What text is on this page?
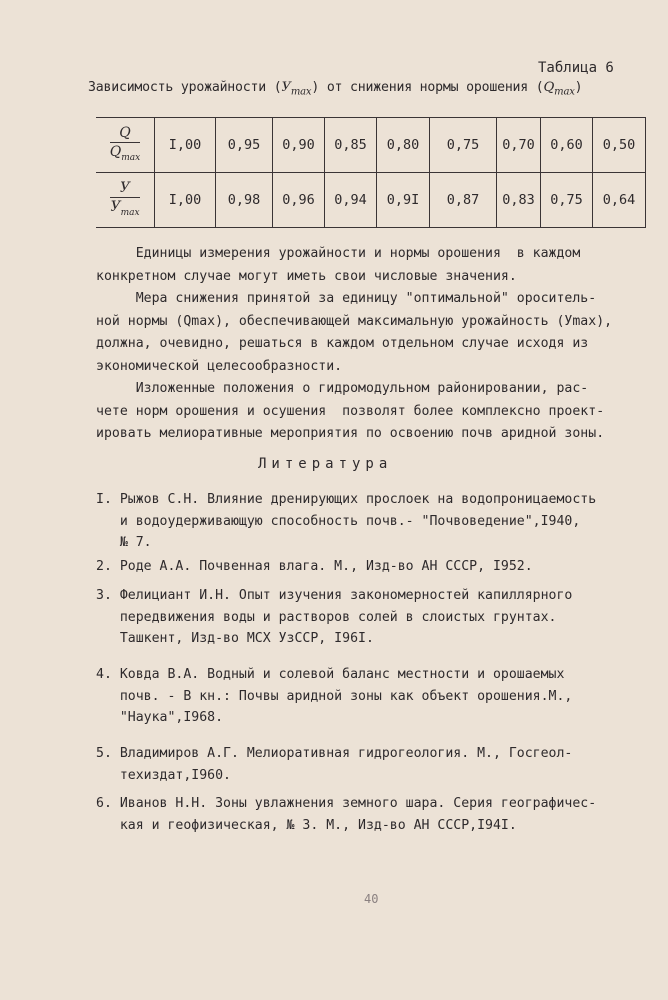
Таблица 6
Зависимость урожайности $(У_{max})$ от снижения нормы орошения $(Q_{max})$
$\frac{Q}{Q_{max}}$	I,00	0,95	0,90	0,85	0,80	0,75	0,70	0,60	0,50

$\frac{У}{У_{max}}$	I,00	0,98	0,96	0,94	0,9I	0,87	0,83	0,75	0,64
Единицы измерения урожайности и нормы орошения  в каждом
конкретном случае могут иметь свои числовые значения.
Мера снижения принятой за единицу "оптимальной" ороситель-
ной нормы (Qmax), обеспечивающей максимальную урожайность (Уmax),
должна, очевидно, решаться в каждом отдельном случае исходя из
экономической целесообразности.
Изложенные положения о гидромодульном районировании, рас-
чете норм орошения и осушения  позволят более комплексно проект-
ировать мелиоративные мероприятия по освоению почв аридной зоны.
Литература
I. Рыжов С.Н. Влияние дренирующих прослоек на водопроницаемость
и водоудерживающую способность почв.- "Почвоведение",I940,
№ 7.
2. Роде А.А. Почвенная влага. М., Изд-во АН СССР, I952.
3. Фелициант И.Н. Опыт изучения закономерностей капиллярного
передвижения воды и растворов солей в слоистых грунтах.
Ташкент, Изд-во МСХ УзССР, I96I.
4. Ковда В.А. Водный и солевой баланс местности и орошаемых
почв. - В кн.: Почвы аридной зоны как объект орошения.М.,
"Наука",I968.
5. Владимиров А.Г. Мелиоративная гидрогеология. М., Госгеол-
техиздат,I960.
6. Иванов Н.Н. Зоны увлажнения земного шара. Серия географичес-
кая и геофизическая, № 3. М., Изд-во АН СССР,I94I.
40
